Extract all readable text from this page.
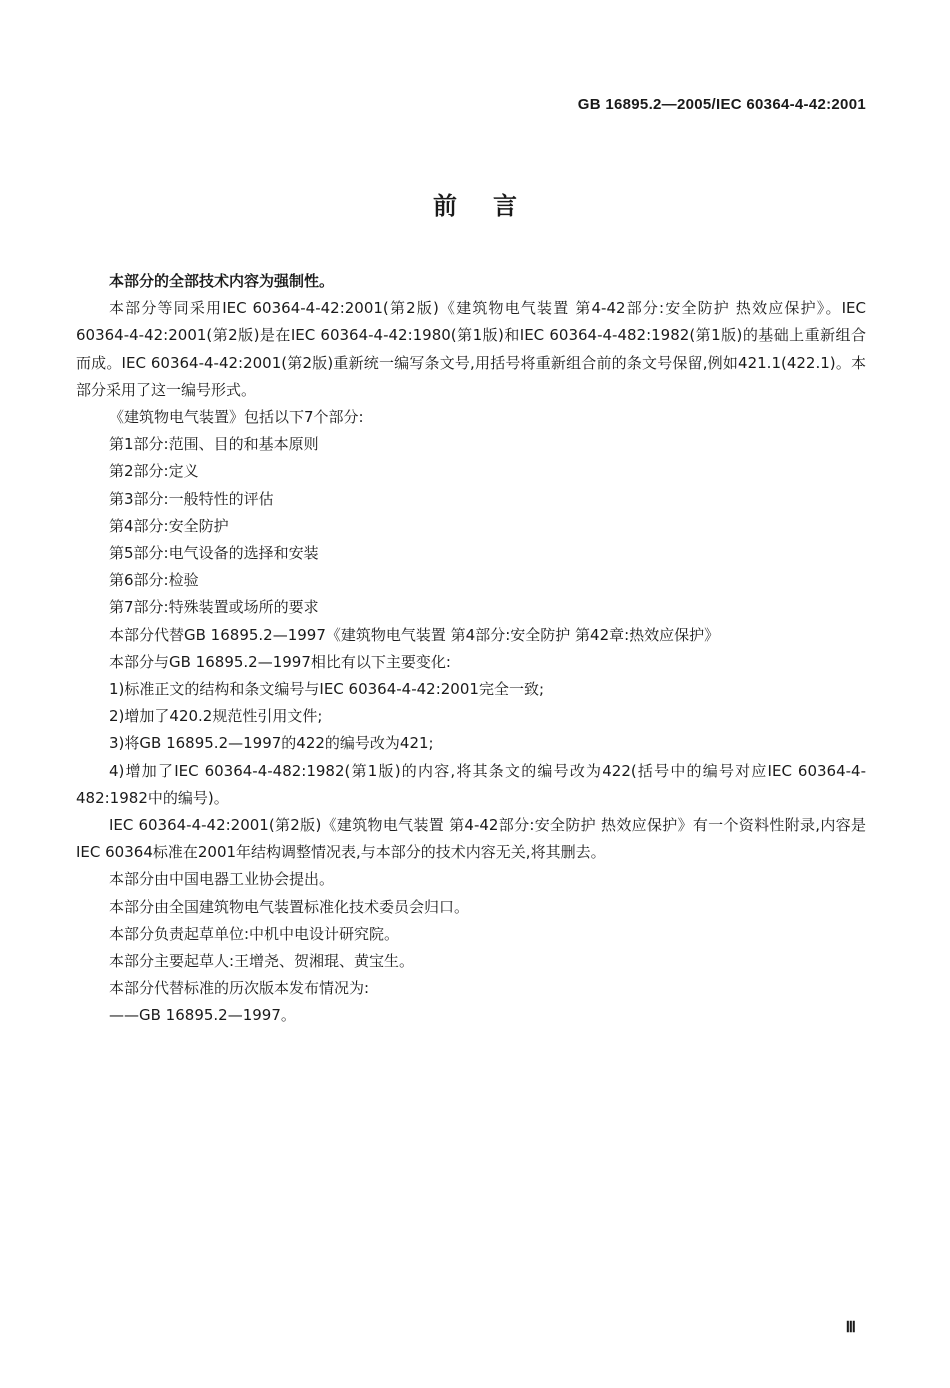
GB 16895.2—2005/IEC 60364-4-42:2001
前言

本部分的全部技术内容为强制性。

本部分等同采用IEC 60364-4-42:2001(第2版)《建筑物电气装置 第4-42部分:安全防护 热效应保护》。IEC 60364-4-42:2001(第2版)是在IEC 60364-4-42:1980(第1版)和IEC 60364-4-482:1982(第1版)的基础上重新组合而成。IEC 60364-4-42:2001(第2版)重新统一编写条文号,用括号将重新组合前的条文号保留,例如421.1(422.1)。本部分采用了这一编号形式。

《建筑物电气装置》包括以下7个部分:

第1部分:范围、目的和基本原则

第2部分:定义

第3部分:一般特性的评估

第4部分:安全防护

第5部分:电气设备的选择和安装

第6部分:检验

第7部分:特殊装置或场所的要求

本部分代替GB 16895.2—1997《建筑物电气装置 第4部分:安全防护 第42章:热效应保护》

本部分与GB 16895.2—1997相比有以下主要变化:

1)标准正文的结构和条文编号与IEC 60364-4-42:2001完全一致;

2)增加了420.2规范性引用文件;

3)将GB 16895.2—1997的422的编号改为421;

4)增加了IEC 60364-4-482:1982(第1版)的内容,将其条文的编号改为422(括号中的编号对应IEC 60364-4-482:1982中的编号)。

IEC 60364-4-42:2001(第2版)《建筑物电气装置 第4-42部分:安全防护 热效应保护》有一个资料性附录,内容是IEC 60364标准在2001年结构调整情况表,与本部分的技术内容无关,将其删去。

本部分由中国电器工业协会提出。

本部分由全国建筑物电气装置标准化技术委员会归口。

本部分负责起草单位:中机中电设计研究院。

本部分主要起草人:王增尧、贺湘琨、黄宝生。

本部分代替标准的历次版本发布情况为:

——GB 16895.2—1997。

Ⅲ
